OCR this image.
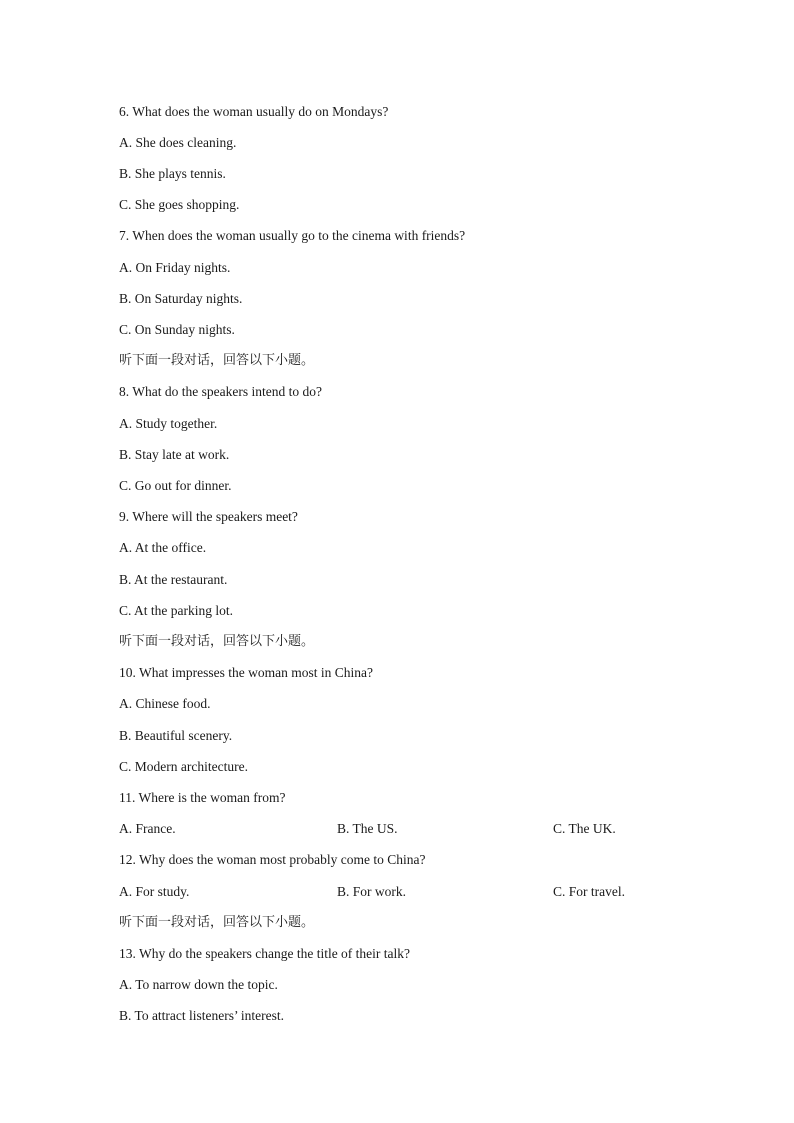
6. What does the woman usually do on Mondays?
A. She does cleaning.
B. She plays tennis.
C. She goes shopping.
7. When does the woman usually go to the cinema with friends?
A. On Friday nights.
B. On Saturday nights.
C. On Sunday nights.
听下面一段对话，回答以下小题。
8. What do the speakers intend to do?
A. Study together.
B. Stay late at work.
C. Go out for dinner.
9. Where will the speakers meet?
A. At the office.
B. At the restaurant.
C. At the parking lot.
听下面一段对话，回答以下小题。
10. What impresses the woman most in China?
A. Chinese food.
B. Beautiful scenery.
C. Modern architecture.
11. Where is the woman from?
A. France.	B. The US.	C. The UK.
12. Why does the woman most probably come to China?
A. For study.	B. For work.	C. For travel.
听下面一段对话，回答以下小题。
13. Why do the speakers change the title of their talk?
A. To narrow down the topic.
B. To attract listeners’ interest.
